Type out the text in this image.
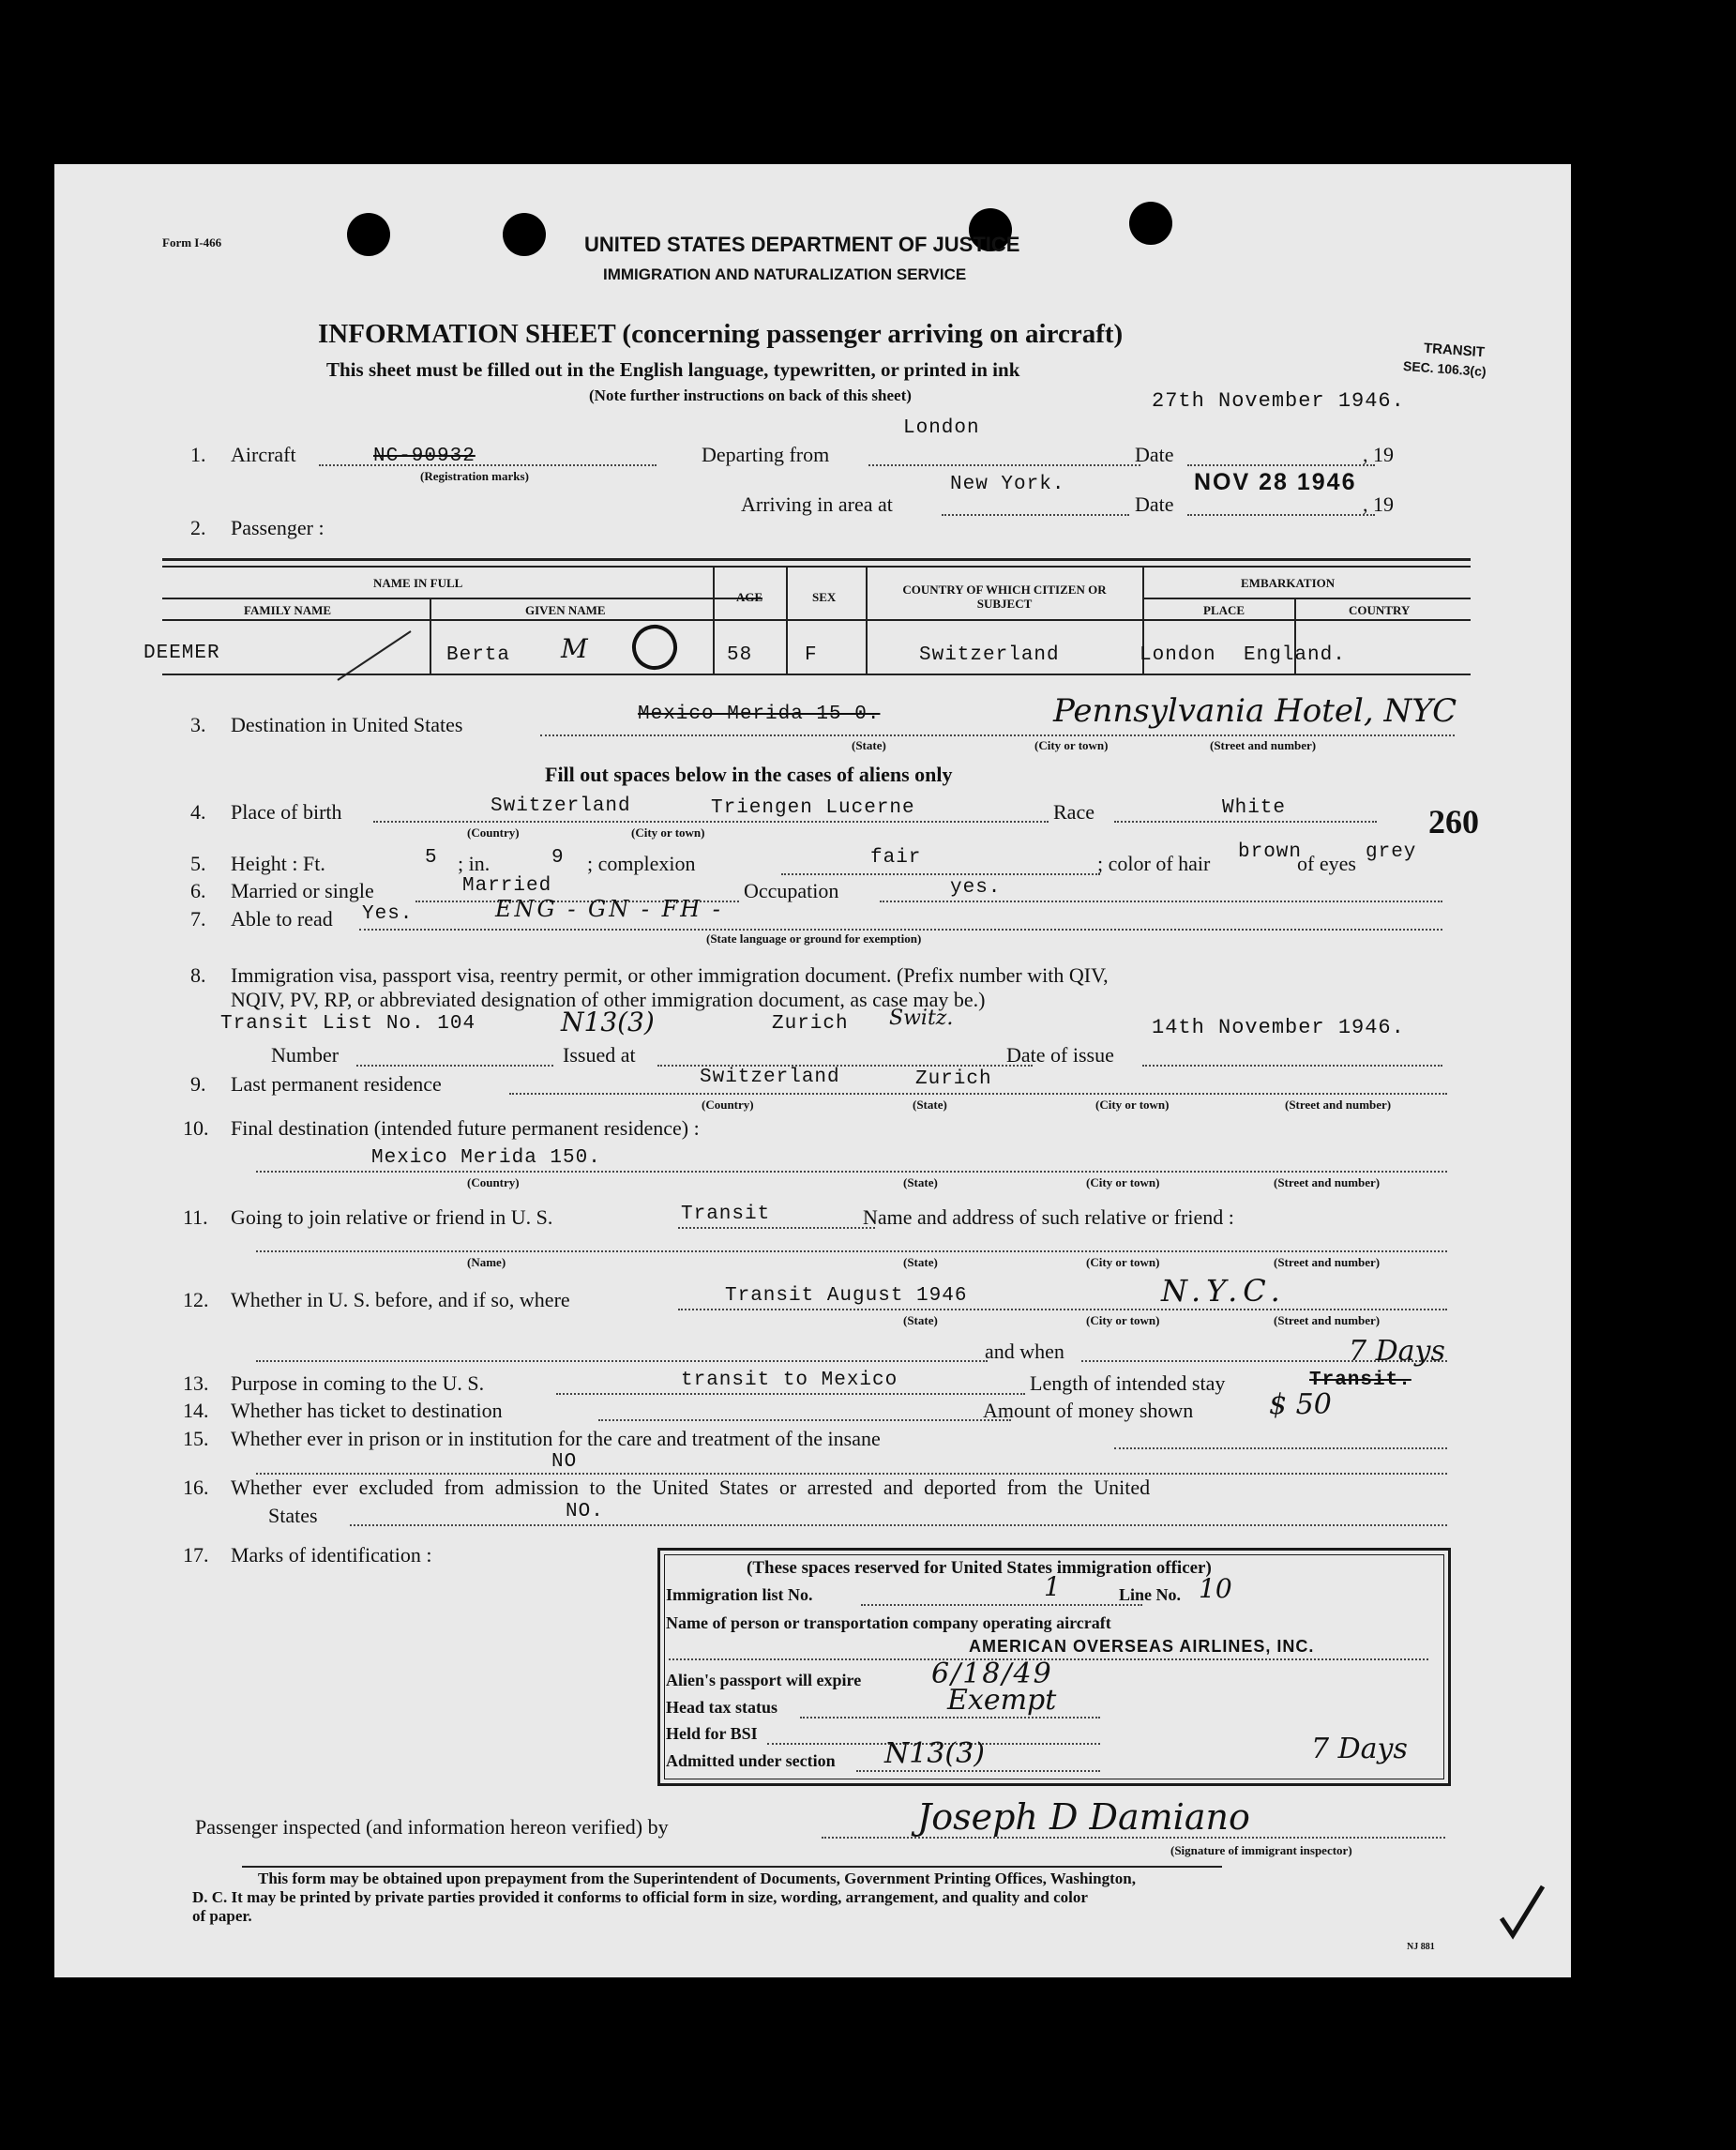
Form I-466	UNITED STATES DEPARTMENT OF JUSTICE
IMMIGRATION AND NATURALIZATION SERVICE
INFORMATION SHEET (concerning passenger arriving on aircraft)
This sheet must be filled out in the English language, typewritten, or printed in ink
(Note further instructions on back of this sheet)
TRANSIT
SEC. 106.3(c)
1. Aircraft	NC-90932
(Registration marks)
Departing from
London
Date	, 19
27th November 1946.
New York.	NOV 28 1946
Arriving in area at	Date	, 19
2. Passenger :
NAME IN FULL
FAMILY NAME	GIVEN NAME
AGE	SEX
COUNTRY OF WHICH CITIZEN OR SUBJECT
EMBARKATION
PLACE	COUNTRY
DEEMER	Berta M	58	F	Switzerland	London England.
3. Destination in United States	Mexico Merida 15 0.	Pennsylvania Hotel, NYC
(State)	(City or town)	(Street and number)
Fill out spaces below in the cases of aliens only
4. Place of birth	Switzerland	Triengen Lucerne
(Country)	(City or town)
Race	White	260
5. Height : Ft.	5 ; in.	9 ; complexion	fair	; color of hair brown
of eyes grey
6. Married or single	Married	Occupation	yes.
7. Able to read Yes.	ENG - GN - FH -
(State language or ground for exemption)
8. Immigration visa, passport visa, reentry permit, or other immigration document. (Prefix number with QIV,
NQIV, PV, RP, or abbreviated designation of other immigration document, as case may be.)
Transit List No. 104	N13(3)	Zurich Switz.	14th November 1946.
Number	Issued at	Date of issue
9. Last permanent residence	Switzerland	Zurich
(Country)	(State)	(City or town)	(Street and number)
10. Final destination (intended future permanent residence) :
Mexico Merida 150.
(Country)	(State)	(City or town)	(Street and number)
11. Going to join relative or friend in U. S.	Transit	Name and address of such relative or friend :
(Name)	(State)	(City or town)	(Street and number)
12. Whether in U. S. before, and if so, where	Transit August 1946	N.Y.C.
(State)	(City or town)	(Street and number)
and when
13. Purpose in coming to the U. S.	transit to Mexico	Length of intended stay	Transit.
7 Days
14. Whether has ticket to destination	Amount of money shown	$ 50
15. Whether ever in prison or in institution for the care and treatment of the insane
NO
16. Whether ever excluded from admission to the United States or arrested and deported from the United
States	NO.
17. Marks of identification :
(These spaces reserved for United States immigration officer)
Immigration list No.	1	Line No. 10
Name of person or transportation company operating aircraft
AMERICAN OVERSEAS AIRLINES, INC.
Alien's passport will expire 6/18/49
Head tax status	Exempt
Held for BSI
Admitted under section N13(3)	7 Days
Passenger inspected (and information hereon verified) by	Joseph D Damiano
(Signature of immigrant inspector)
This form may be obtained upon prepayment from the Superintendent of Documents, Government Printing Offices, Washington,
D. C. It may be printed by private parties provided it conforms to official form in size, wording, arrangement, and quality and color
of paper.
NJ 881
